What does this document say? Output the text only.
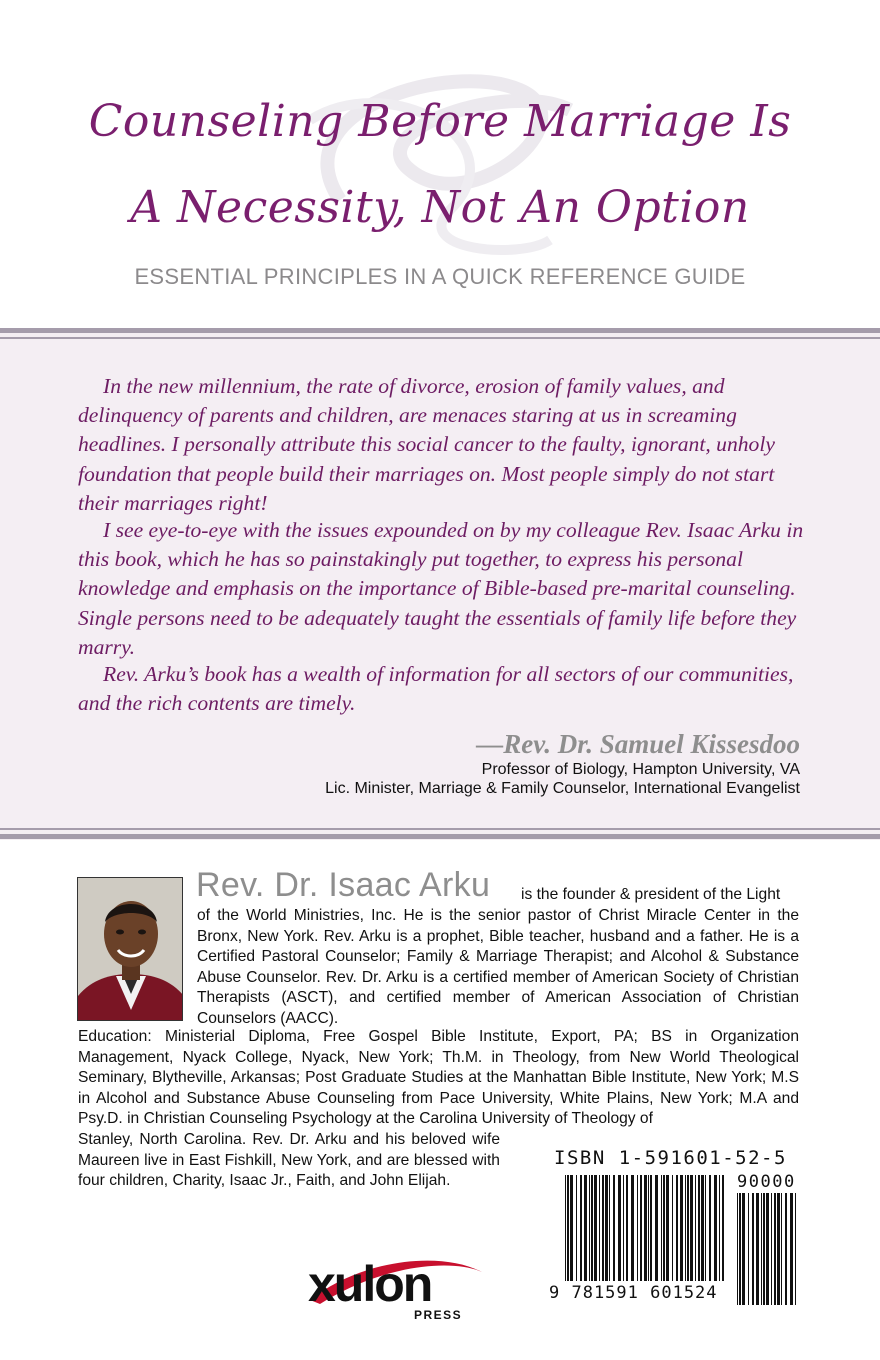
Counseling Before Marriage Is
A Necessity, Not An Option
ESSENTIAL PRINCIPLES IN A QUICK REFERENCE GUIDE

In the new millennium, the rate of divorce, erosion of family values, and delinquency of parents and children, are menaces staring at us in screaming headlines. I personally attribute this social cancer to the faulty, ignorant, unholy foundation that people build their marriages on. Most people simply do not start their marriages right!

I see eye-to-eye with the issues expounded on by my colleague Rev. Isaac Arku in this book, which he has so painstakingly put together, to express his personal knowledge and emphasis on the importance of Bible-based pre-marital counseling. Single persons need to be adequately taught the essentials of family life before they marry.

Rev. Arku’s book has a wealth of information for all sectors of our communities, and the rich contents are timely.

—Rev. Dr. Samuel Kissesdoo
Professor of Biology, Hampton University, VA
Lic. Minister, Marriage & Family Counselor, International Evangelist
Rev. Dr. Isaac Arku is the founder & president of the Light
of the World Ministries, Inc. He is the senior pastor of Christ Miracle Center in the Bronx, New York. Rev. Arku is a prophet, Bible teacher, husband and a father. He is a Certified Pastoral Counselor; Family & Marriage Therapist; and Alcohol & Substance Abuse Counselor. Rev. Dr. Arku is a certified member of American Society of Christian Therapists (ASCT), and certified member of American Association of Christian Counselors (AACC).
Education: Ministerial Diploma, Free Gospel Bible Institute, Export, PA; BS in Organization Management, Nyack College, Nyack, New York; Th.M. in Theology, from New World Theological Seminary, Blytheville, Arkansas; Post Graduate Studies at the Manhattan Bible Institute, New York; M.S in Alcohol and Substance Abuse Counseling from Pace University, White Plains, New York; M.A and Psy.D. in Christian Counseling Psychology at the Carolina University of Theology of
Stanley, North Carolina. Rev. Dr. Arku and his beloved wife Maureen live in East Fishkill, New York, and are blessed with four children, Charity, Isaac Jr., Faith, and John Elijah.
ISBN 1-591601-52-5
90000
9 781591 601524
xulon
PRESS
